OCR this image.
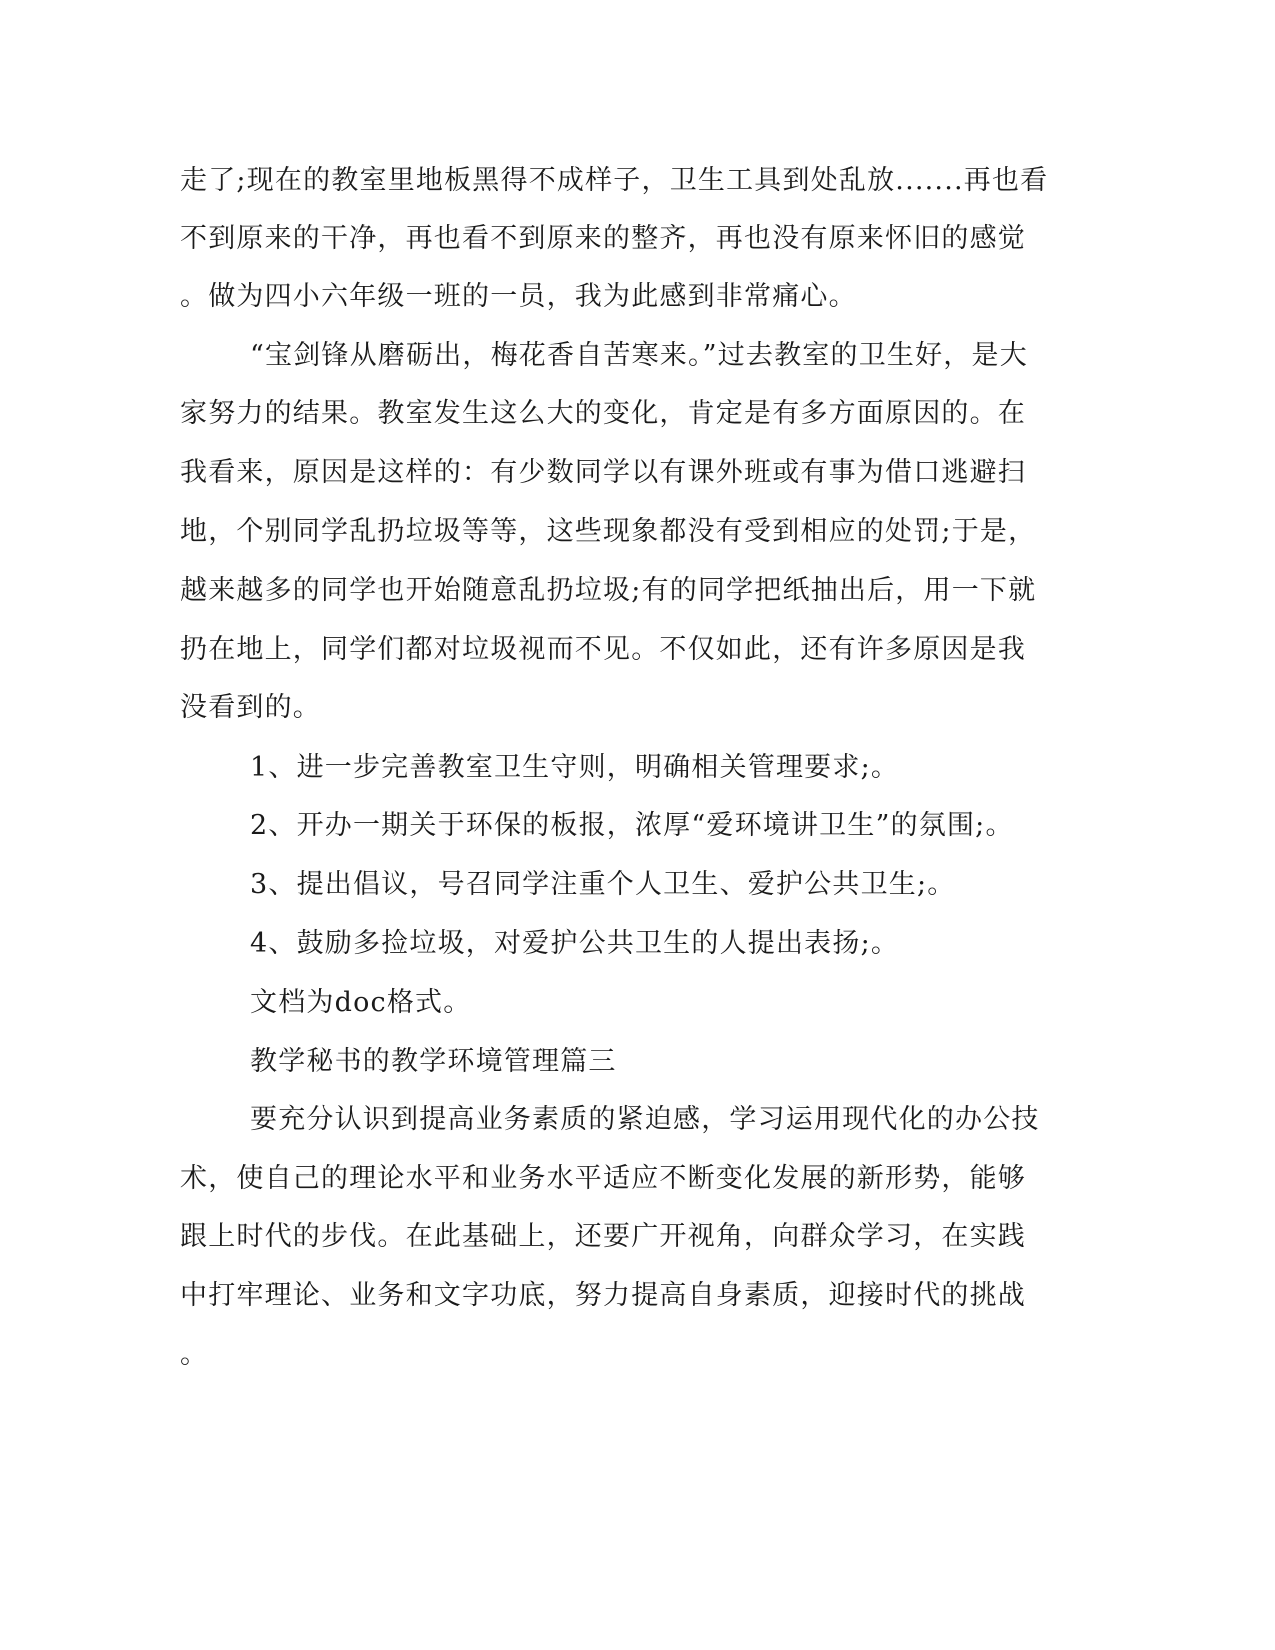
走了;现在的教室里地板黑得不成样子，卫生工具到处乱放.......再也看
不到原来的干净，再也看不到原来的整齐，再也没有原来怀旧的感觉
。做为四小六年级一班的一员，我为此感到非常痛心。
“宝剑锋从磨砺出，梅花香自苦寒来。”过去教室的卫生好，是大
家努力的结果。教室发生这么大的变化，肯定是有多方面原因的。在
我看来，原因是这样的：有少数同学以有课外班或有事为借口逃避扫
地，个别同学乱扔垃圾等等，这些现象都没有受到相应的处罚;于是，
越来越多的同学也开始随意乱扔垃圾;有的同学把纸抽出后，用一下就
扔在地上，同学们都对垃圾视而不见。不仅如此，还有许多原因是我
没看到的。
1、进一步完善教室卫生守则，明确相关管理要求;。
2、开办一期关于环保的板报，浓厚“爱环境讲卫生”的氛围;。
3、提出倡议，号召同学注重个人卫生、爱护公共卫生;。
4、鼓励多捡垃圾，对爱护公共卫生的人提出表扬;。
文档为doc格式。
教学秘书的教学环境管理篇三
要充分认识到提高业务素质的紧迫感，学习运用现代化的办公技
术，使自己的理论水平和业务水平适应不断变化发展的新形势，能够
跟上时代的步伐。在此基础上，还要广开视角，向群众学习，在实践
中打牢理论、业务和文字功底，努力提高自身素质，迎接时代的挑战
。
